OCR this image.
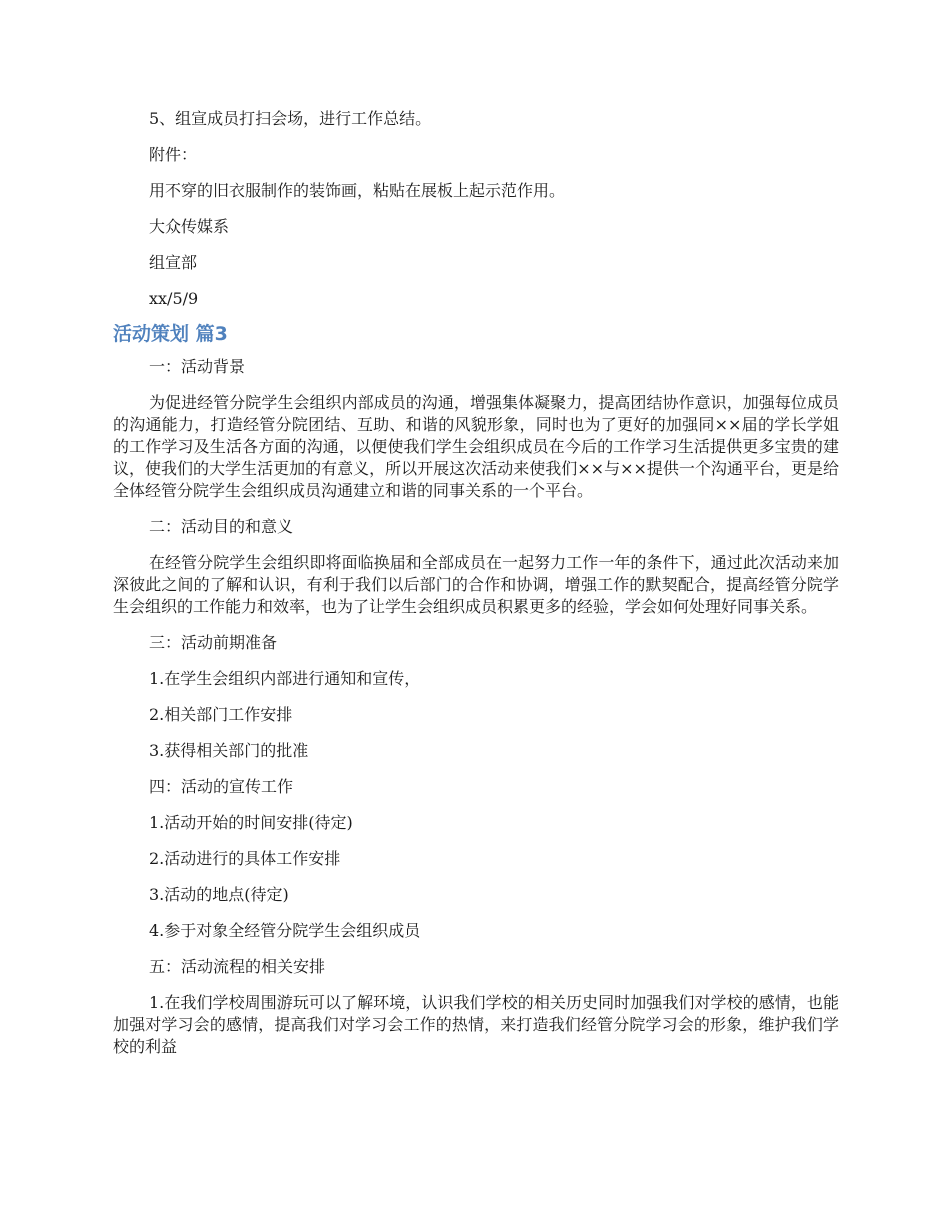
5、组宣成员打扫会场，进行工作总结。

附件：

用不穿的旧衣服制作的装饰画，粘贴在展板上起示范作用。

大众传媒系

组宣部

xx/5/9

活动策划 篇3

一：活动背景

为促进经管分院学生会组织内部成员的沟通，增强集体凝聚力，提高团结协作意识，加强每位成员的沟通能力，打造经管分院团结、互助、和谐的风貌形象，同时也为了更好的加强同××届的学长学姐的工作学习及生活各方面的沟通，以便使我们学生会组织成员在今后的工作学习生活提供更多宝贵的建议，使我们的大学生活更加的有意义，所以开展这次活动来使我们××与××提供一个沟通平台，更是给全体经管分院学生会组织成员沟通建立和谐的同事关系的一个平台。

二：活动目的和意义

在经管分院学生会组织即将面临换届和全部成员在一起努力工作一年的条件下，通过此次活动来加深彼此之间的了解和认识，有利于我们以后部门的合作和协调，增强工作的默契配合，提高经管分院学生会组织的工作能力和效率，也为了让学生会组织成员积累更多的经验，学会如何处理好同事关系。

三：活动前期准备

1.在学生会组织内部进行通知和宣传，

2.相关部门工作安排

3.获得相关部门的批准

四：活动的宣传工作

1.活动开始的时间安排(待定)

2.活动进行的具体工作安排

3.活动的地点(待定)

4.参于对象全经管分院学生会组织成员

五：活动流程的相关安排

1.在我们学校周围游玩可以了解环境，认识我们学校的相关历史同时加强我们对学校的感情，也能加强对学习会的感情，提高我们对学习会工作的热情，来打造我们经管分院学习会的形象，维护我们学校的利益
